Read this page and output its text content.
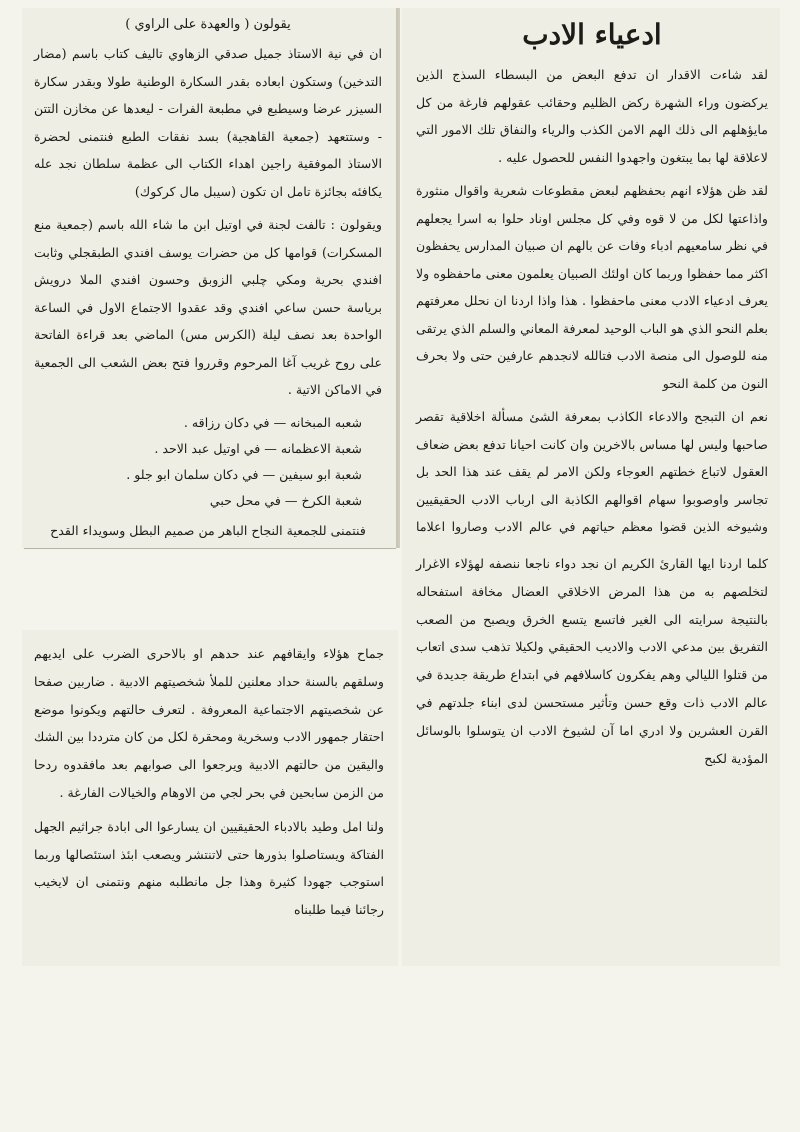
يقولون ( والعهدة على الراوي )

ان في نية الاستاذ جميل صدقي الزهاوي تاليف كتاب باسم (مضار التدخين) وستكون ابعاده بقدر السكارة الوطنية طولا وبقدر سكارة السيزر عرضا وسيطبع في مطبعة الفرات - ليعدها عن مخازن التتن - وستتعهد (جمعية القاهجية) بسد نفقات الطبع فنتمنى لحضرة الاستاذ الموفقية راجين اهداء الكتاب الى عظمة سلطان نجد عله يكافئه بجائزة تامل ان تكون (سيبل مال كركوك)

ويقولون : تالفت لجنة في اوتيل ابن ما شاء الله باسم (جمعية منع المسكرات) قوامها كل من حضرات يوسف افندي الطبقجلي وثابت افندي بحرية ومكي چلبي الزوبق وحسون افندي الملا درويش برياسة حسن ساعي افندي وقد عقدوا الاجتماع الاول في الساعة الواحدة بعد نصف ليلة (الكرس مس) الماضي بعد قراءة الفاتحة على روح غريب آغا المرحوم وقرروا فتح بعض الشعب الى الجمعية في الاماكن الاتية .

شعبه المبخانه — في دكان رزاقه .
شعبة الاعظمانه — في اوتيل عبد الاحد .
شعبة ابو سيفين — في دكان سلمان ابو جلو .
شعبة الكرخ — في محل حبي
فنتمنى للجمعية النجاح الباهر من صميم البطل وسويداء القدح
ادعياء الادب

لقد شاءت الاقدار ان تدفع البعض من البسطاء السذج الذين يركضون وراء الشهرة ركض الظليم وحقائب عقولهم فارغة من كل مايؤهلهم الى ذلك الهم الامن الكذب والرياء والنفاق تلك الامور التي لاعلاقة لها بما يبتغون واجهدوا النفس للحصول عليه .

لقد ظن هؤلاء انهم بحفظهم لبعض مقطوعات شعرية واقوال منثورة واذاعتها لكل من لا قوه وفي كل مجلس اوناد حلوا به اسرا يجعلهم في نظر سامعيهم ادباء وفات عن بالهم ان صبيان المدارس يحفظون اكثر مما حفظوا وربما كان اولئك الصبيان يعلمون معنى ماحفظوه ولا يعرف ادعياء الادب معنى ماحفظوا . هذا واذا اردنا ان نحلل معرفتهم بعلم النحو الذي هو الباب الوحيد لمعرفة المعاني والسلم الذي يرتقى منه للوصول الى منصة الادب فتالله لانجدهم عارفين حتى ولا بحرف النون من كلمة النحو

نعم ان التبجح والادعاء الكاذب بمعرفة الشئ مسألة اخلاقية تقصر صاحبها وليس لها مساس بالاخرين وان كانت احيانا تدفع بعض ضعاف العقول لاتباع خطتهم العوجاء ولكن الامر لم يقف عند هذا الحد بل تجاسر واوصوبوا سهام اقوالهم الكاذبة الى ارباب الادب الحقيقيين وشيوخه الذين قضوا معظم حياتهم في عالم الادب وصاروا اعلاما

كلما اردنا ايها القارئ الكريم ان نجد دواء ناجعا ننصفه لهؤلاء الاغرار لتخلصهم به من هذا المرض الاخلاقي العضال مخافة استفحاله بالنتيجة سرايته الى الغير فاتسع يتسع الخرق ويصبح من الصعب التفريق بين مدعي الادب والاديب الحقيقي ولكيلا تذهب سدى اتعاب من قتلوا الليالي وهم يفكرون كاسلافهم في ابتداع طريقة جديدة في عالم الادب ذات وقع حسن وتأثير مستحسن لدى ابناء جلدتهم في القرن العشرين ولا ادري اما آن لشيوخ الادب ان يتوسلوا بالوسائل المؤدية لكبح

جماح هؤلاء وايقافهم عند حدهم او بالاحرى الضرب على ايديهم وسلقهم بالسنة حداد معلنين للملأ شخصيتهم الادبية . ضاربين صفحا عن شخصيتهم الاجتماعية المعروفة . لتعرف حالتهم ويكونوا موضع احتقار جمهور الادب وسخرية ومحقرة لكل من كان مترددا بين الشك واليقين من حالتهم الادبية ويرجعوا الى صوابهم بعد مافقدوه ردحا من الزمن سابحين في بحر لجي من الاوهام والخيالات الفارغة .

ولنا امل وطيد بالادباء الحقيقيين ان يسارعوا الى ابادة جراثيم الجهل الفتاكة ويستاصلوا بذورها حتى لاتنتشر ويصعب ابئذ استئصالها وربما استوجب جهودا كثيرة وهذا جل مانطلبه منهم ونتمنى ان لايخيب رجائنا فيما طلبناه
